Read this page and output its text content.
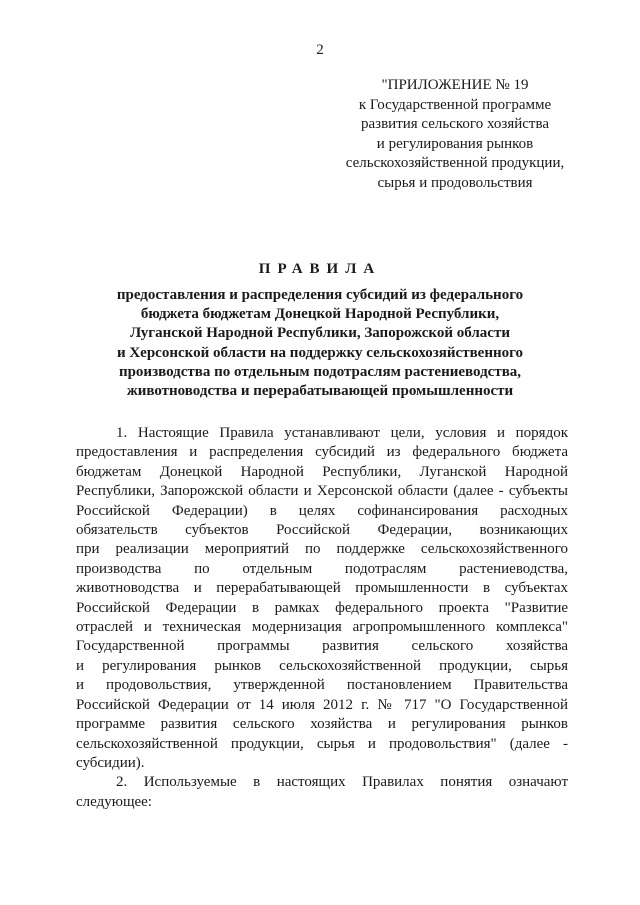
2
"ПРИЛОЖЕНИЕ № 19
к Государственной программе
развития сельского хозяйства
и регулирования рынков
сельскохозяйственной продукции,
сырья и продовольствия
ПРАВИЛА
предоставления и распределения субсидий из федерального
бюджета бюджетам Донецкой Народной Республики,
Луганской Народной Республики, Запорожской области
и Херсонской области на поддержку сельскохозяйственного
производства по отдельным подотраслям растениеводства,
животноводства и перерабатывающей промышленности
1. Настоящие Правила устанавливают цели, условия и порядок
предоставления и распределения субсидий из федерального бюджета
бюджетам Донецкой Народной Республики, Луганской Народной
Республики, Запорожской области и Херсонской области (далее - субъекты
Российской Федерации) в целях софинансирования расходных
обязательств субъектов Российской Федерации, возникающих
при реализации мероприятий по поддержке сельскохозяйственного
производства по отдельным подотраслям растениеводства,
животноводства и перерабатывающей промышленности в субъектах
Российской Федерации в рамках федерального проекта "Развитие
отраслей и техническая модернизация агропромышленного комплекса"
Государственной программы развития сельского хозяйства
и регулирования рынков сельскохозяйственной продукции, сырья
и продовольствия, утвержденной постановлением Правительства
Российской Федерации от 14 июля 2012 г. № 717 "О Государственной
программе развития сельского хозяйства и регулирования рынков
сельскохозяйственной продукции, сырья и продовольствия" (далее -
субсидии).
2. Используемые в настоящих Правилах понятия означают
следующее:
